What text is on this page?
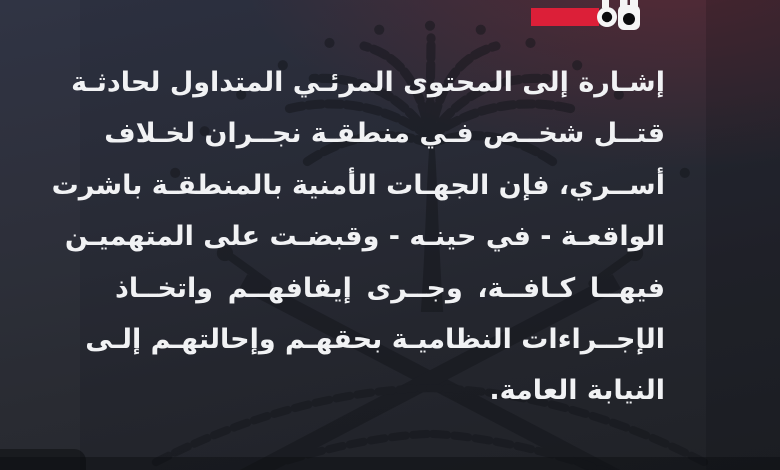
إشـارة إلى المحتوى المرئـي المتداول لحادثـة
قتــل شخــص فـي منطقـة نجــران لخـلاف
أســري، فإن الجهـات الأمنية بالمنطقـة باشرت
الواقعـة - في حينـه - وقبضـت على المتهميـن
فيهــا كـافــة، وجــرى إيقافهــم واتخــاذ
الإجــراءات النظاميـة بحقهـم وإحالتهـم إلـى
النيابة العامة.
